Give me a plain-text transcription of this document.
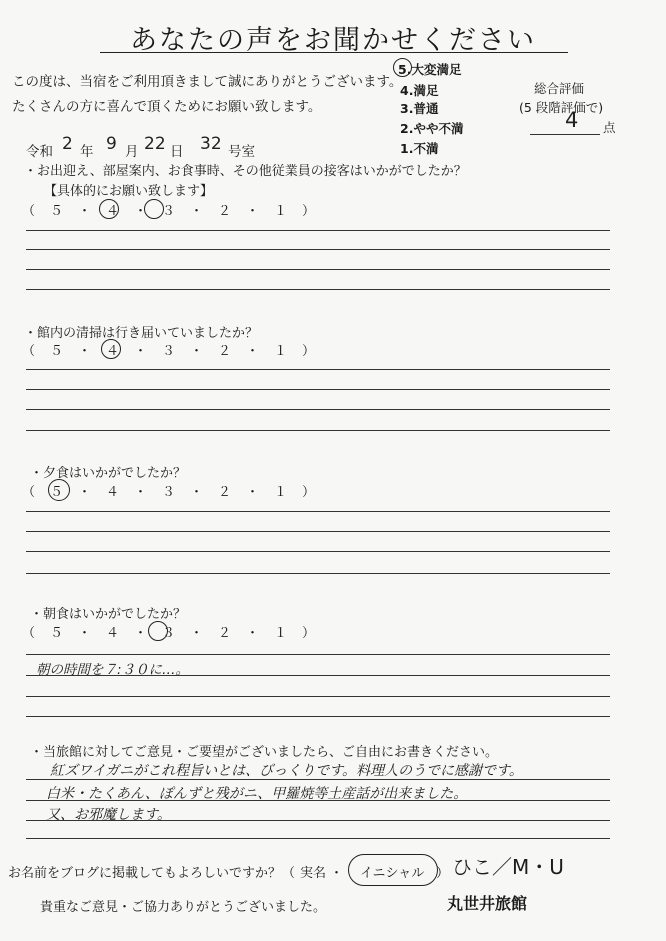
あなたの声をお聞かせください
この度は、当宿をご利用頂きまして誠にありがとうございます。
たくさんの方に喜んで頂くためにお願い致します。
5.大変満足
4.満足
3.普通
2.やや不満
1.不満
総合評価
(5 段階評価で)
4 点
令和 2 年 9 月 22 日 32 号室
・お出迎え、部屋案内、お食事時、その他従業員の接客はいかがでしたか？
【具体的にお願い致します】
（　５　・　４　・　３　・　２　・　１　）
・館内の清掃は行き届いていましたか？
（　５　・　４　・　３　・　２　・　１　）
・夕食はいかがでしたか？
（　５　・　４　・　３　・　２　・　１　）
・朝食はいかがでしたか？
（　５　・　４　・　３　・　２　・　１　）
朝の時間を７:３０に…。
・当旅館に対してご意見・ご要望がございましたら、ご自由にお書きください。
紅ズワイガニがこれ程旨いとは、びっくりです。料理人のうでに感謝です。
白米・たくあん、ぽんずと残がニ、甲羅焼等土産話が出来ました。
又、お邪魔します。
お名前をブログに掲載してもよろしいですか？ （ 実名 ・ イニシャル ） ひこ／M・U
貴重なご意見・ご協力ありがとうございました。	丸世井旅館
